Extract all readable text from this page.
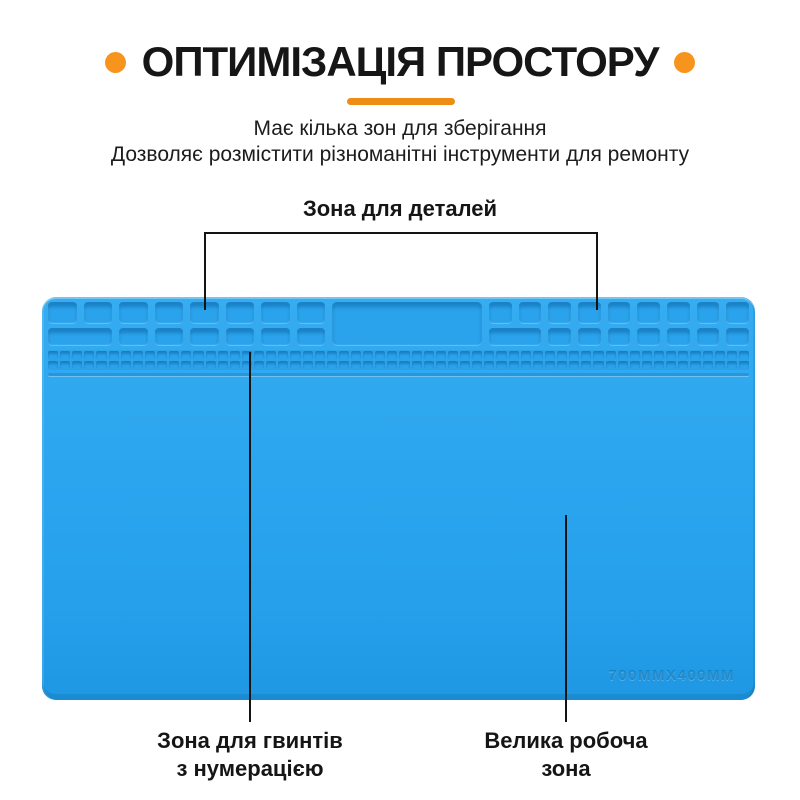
ОПТИМІЗАЦІЯ ПРОСТОРУ
Має кілька зон для зберігання
Дозволяє розмістити різноманітні інструменти для ремонту
Зона для деталей
700MMX400MM
Зона для гвинтів
з нумерацією
Велика робоча
зона
